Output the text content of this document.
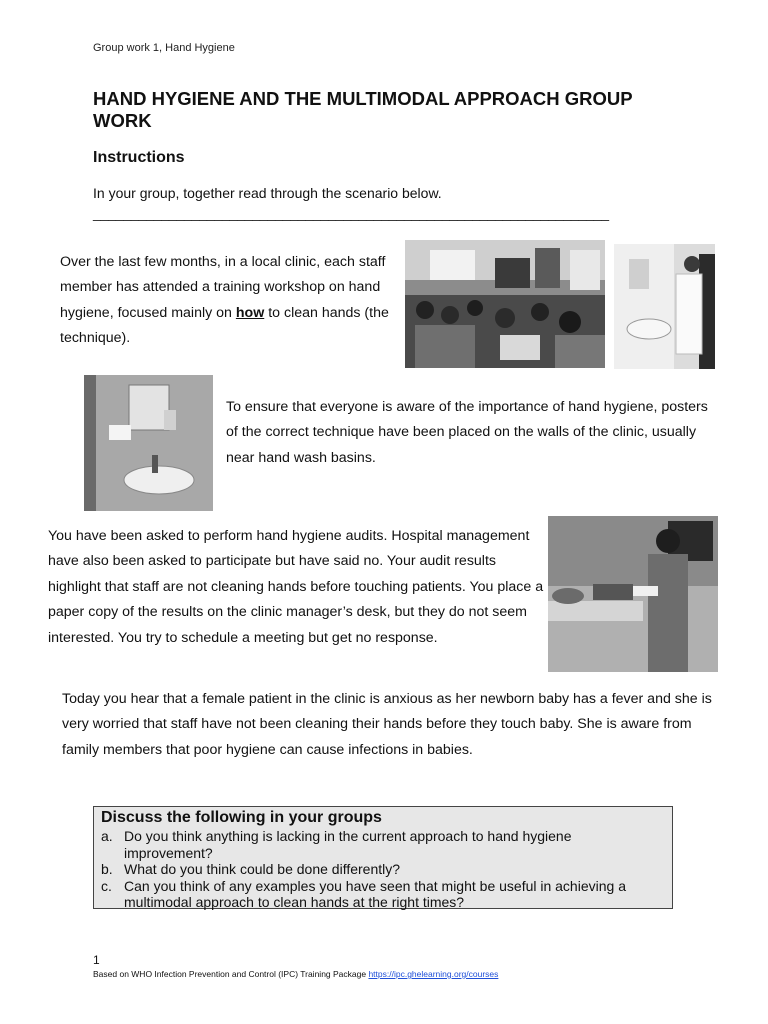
Group work 1, Hand Hygiene
HAND HYGIENE AND THE MULTIMODAL APPROACH GROUP WORK
Instructions
In your group, together read through the scenario below.
____________________________________________________________________

Over the last few months, in a local clinic, each staff member has attended a training workshop on hand hygiene, focused mainly on how to clean hands (the technique).

To ensure that everyone is aware of the importance of hand hygiene, posters of the correct technique have been placed on the walls of the clinic, usually near hand wash basins.

You have been asked to perform hand hygiene audits. Hospital management have also been asked to participate but have said no. Your audit results highlight that staff are not cleaning hands before touching patients. You place a paper copy of the results on the clinic manager’s desk, but they do not seem interested. You try to schedule a meeting but get no response.

Today you hear that a female patient in the clinic is anxious as her newborn baby has a fever and she is very worried that staff have not been cleaning their hands before they touch baby. She is aware from family members that poor hygiene can cause infections in babies.

Discuss the following in your groups
a. Do you think anything is lacking in the current approach to hand hygiene improvement?
b. What do you think could be done differently?
c. Can you think of any examples you have seen that might be useful in achieving a multimodal approach to clean hands at the right times?
1
Based on WHO Infection Prevention and Control (IPC) Training Package https://ipc.ghelearning.org/courses
